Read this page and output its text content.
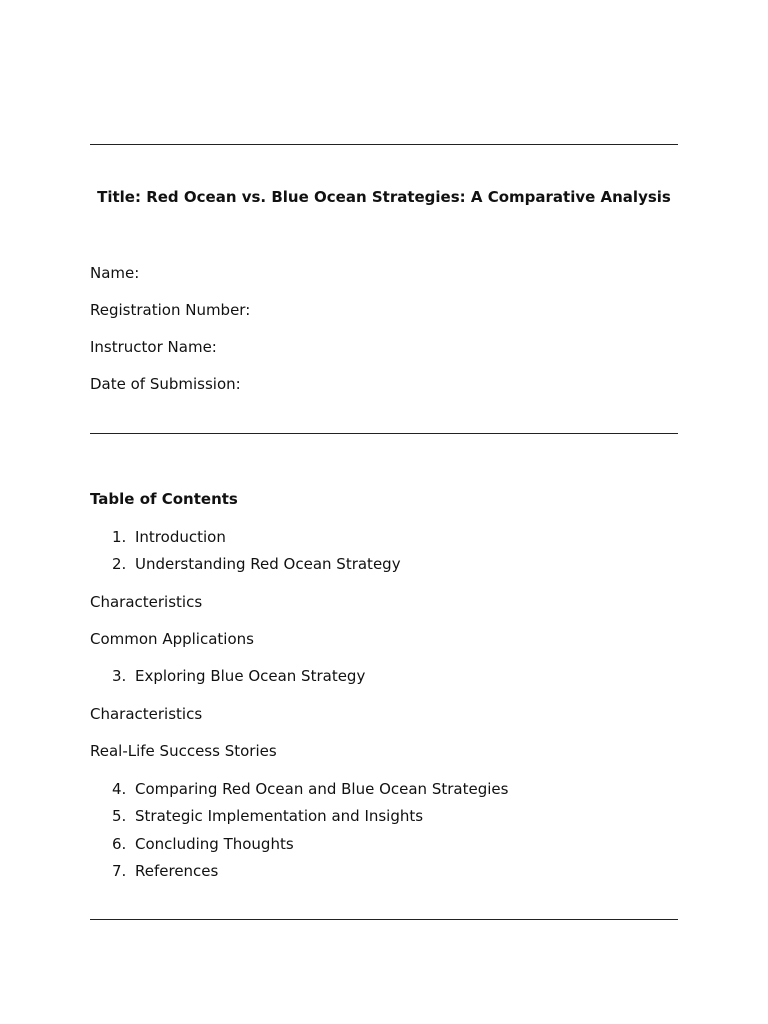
Title: Red Ocean vs. Blue Ocean Strategies: A Comparative Analysis

Name:

Registration Number:

Instructor Name:

Date of Submission:

Table of Contents

1. Introduction

2. Understanding Red Ocean Strategy

Characteristics

Common Applications

3. Exploring Blue Ocean Strategy

Characteristics

Real-Life Success Stories

4. Comparing Red Ocean and Blue Ocean Strategies

5. Strategic Implementation and Insights

6. Concluding Thoughts

7. References
